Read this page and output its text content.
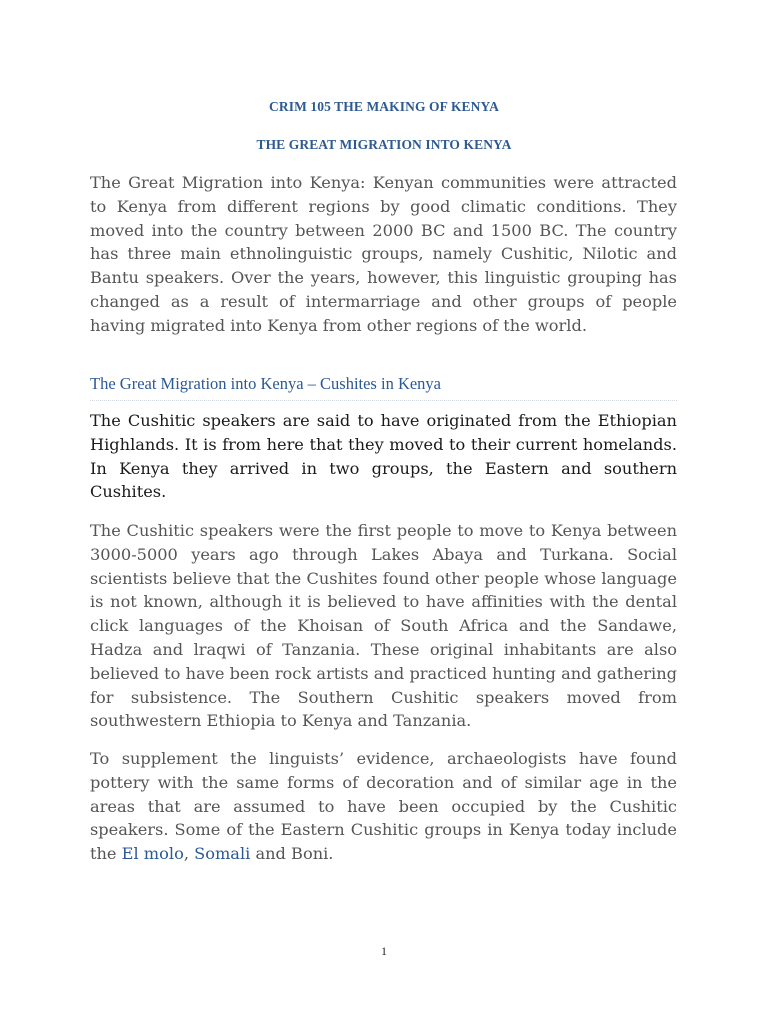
CRIM 105 THE MAKING OF KENYA
THE GREAT MIGRATION INTO KENYA

The Great Migration into Kenya: Kenyan communities were attracted to Kenya from different regions by good climatic conditions. They moved into the country between 2000 BC and 1500 BC. The country has three main ethnolinguistic groups, namely Cushitic, Nilotic and Bantu speakers. Over the years, however, this linguistic grouping has changed as a result of intermarriage and other groups of people having migrated into Kenya from other regions of the world.

The Great Migration into Kenya – Cushites in Kenya

The Cushitic speakers are said to have originated from the Ethiopian Highlands. It is from here that they moved to their current homelands. In Kenya they arrived in two groups, the Eastern and southern Cushites.

The Cushitic speakers were the first people to move to Kenya between 3000-5000 years ago through Lakes Abaya and Turkana. Social scientists believe that the Cushites found other people whose language is not known, although it is believed to have affinities with the dental click languages of the Khoisan of South Africa and the Sandawe, Hadza and lraqwi of Tanzania. These original inhabitants are also believed to have been rock artists and practiced hunting and gathering for subsistence. The Southern Cushitic speakers moved from southwestern Ethiopia to Kenya and Tanzania.

To supplement the linguists’ evidence, archaeologists have found pottery with the same forms of decoration and of similar age in the areas that are assumed to have been occupied by the Cushitic speakers. Some of the Eastern Cushitic groups in Kenya today include the El molo, Somali and Boni.

1
